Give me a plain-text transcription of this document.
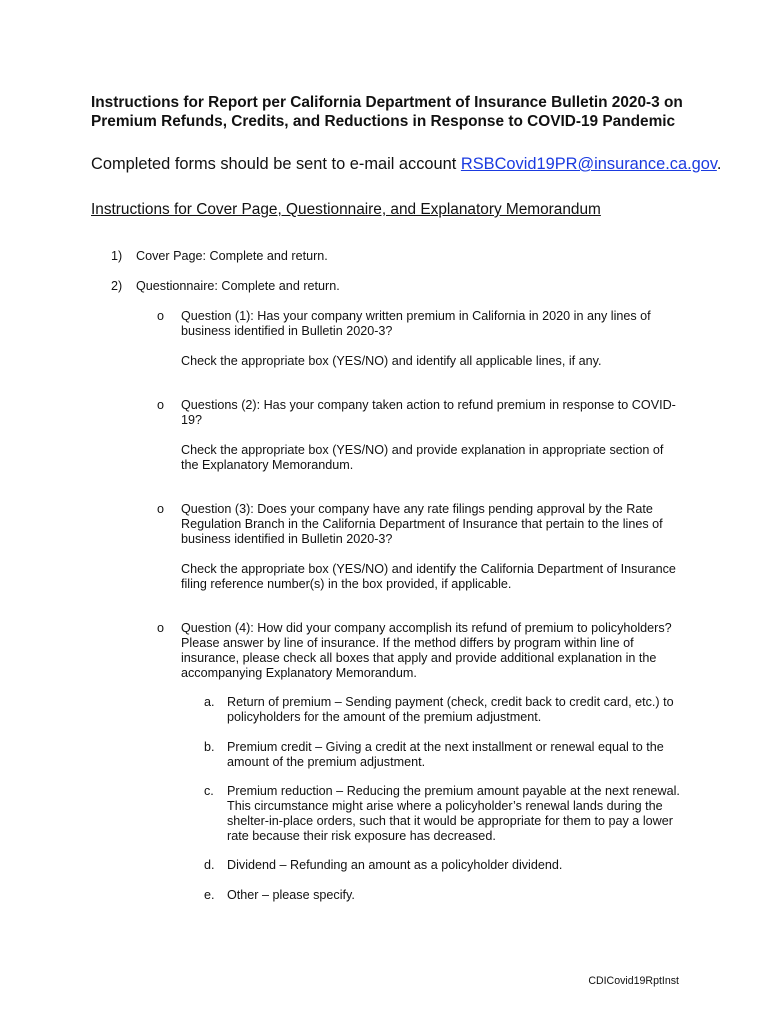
Instructions for Report per California Department of Insurance Bulletin 2020-3 on
Premium Refunds, Credits, and Reductions in Response to COVID-19 Pandemic
Completed forms should be sent to e-mail account RSBCovid19PR@insurance.ca.gov.
Instructions for Cover Page, Questionnaire, and Explanatory Memorandum
1) Cover Page: Complete and return.
2) Questionnaire: Complete and return.
o	Question (1): Has your company written premium in California in 2020 in any lines of
business identified in Bulletin 2020-3?

Check the appropriate box (YES/NO) and identify all applicable lines, if any.

o	Questions (2): Has your company taken action to refund premium in response to COVID-
19?

Check the appropriate box (YES/NO) and provide explanation in appropriate section of
the Explanatory Memorandum.

o	Question (3): Does your company have any rate filings pending approval by the Rate
Regulation Branch in the California Department of Insurance that pertain to the lines of
business identified in Bulletin 2020-3?

Check the appropriate box (YES/NO) and identify the California Department of Insurance
filing reference number(s) in the box provided, if applicable.

o	Question (4): How did your company accomplish its refund of premium to policyholders?
Please answer by line of insurance. If the method differs by program within line of
insurance, please check all boxes that apply and provide additional explanation in the
accompanying Explanatory Memorandum.

a. Return of premium – Sending payment (check, credit back to credit card, etc.) to
policyholders for the amount of the premium adjustment.
b. Premium credit – Giving a credit at the next installment or renewal equal to the
amount of the premium adjustment.
c.	Premium reduction – Reducing the premium amount payable at the next renewal.
This circumstance might arise where a policyholder’s renewal lands during the
shelter-in-place orders, such that it would be appropriate for them to pay a lower
rate because their risk exposure has decreased.
d. Dividend – Refunding an amount as a policyholder dividend.
e. Other – please specify.
CDICovid19RptInst
